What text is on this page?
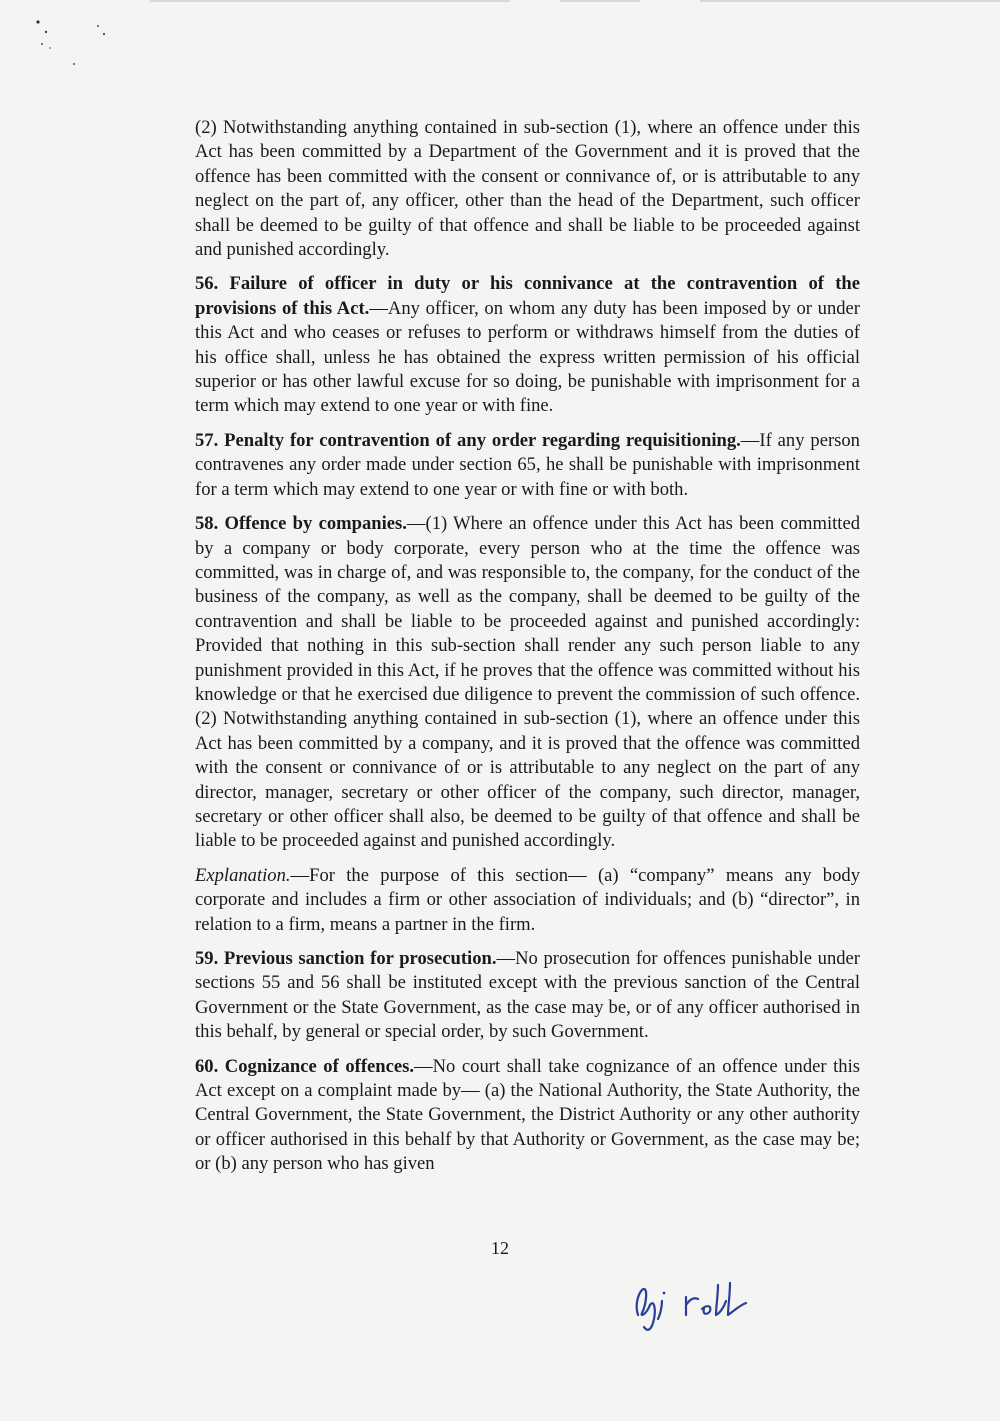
(2) Notwithstanding anything contained in sub-section (1), where an offence under this Act has been committed by a Department of the Government and it is proved that the offence has been committed with the consent or connivance of, or is attributable to any neglect on the part of, any officer, other than the head of the Department, such officer shall be deemed to be guilty of that offence and shall be liable to be proceeded against and punished accordingly.

56. Failure of officer in duty or his connivance at the contravention of the provisions of this Act.—Any officer, on whom any duty has been imposed by or under this Act and who ceases or refuses to perform or withdraws himself from the duties of his office shall, unless he has obtained the express written permission of his official superior or has other lawful excuse for so doing, be punishable with imprisonment for a term which may extend to one year or with fine.

57. Penalty for contravention of any order regarding requisitioning.—If any person contravenes any order made under section 65, he shall be punishable with imprisonment for a term which may extend to one year or with fine or with both.

58. Offence by companies.—(1) Where an offence under this Act has been committed by a company or body corporate, every person who at the time the offence was committed, was in charge of, and was responsible to, the company, for the conduct of the business of the company, as well as the company, shall be deemed to be guilty of the contravention and shall be liable to be proceeded against and punished accordingly: Provided that nothing in this sub-section shall render any such person liable to any punishment provided in this Act, if he proves that the offence was committed without his knowledge or that he exercised due diligence to prevent the commission of such offence. (2) Notwithstanding anything contained in sub-section (1), where an offence under this Act has been committed by a company, and it is proved that the offence was committed with the consent or connivance of or is attributable to any neglect on the part of any director, manager, secretary or other officer of the company, such director, manager, secretary or other officer shall also, be deemed to be guilty of that offence and shall be liable to be proceeded against and punished accordingly.

Explanation.—For the purpose of this section— (a) “company” means any body corporate and includes a firm or other association of individuals; and (b) “director”, in relation to a firm, means a partner in the firm.

59. Previous sanction for prosecution.—No prosecution for offences punishable under sections 55 and 56 shall be instituted except with the previous sanction of the Central Government or the State Government, as the case may be, or of any officer authorised in this behalf, by general or special order, by such Government.

60. Cognizance of offences.—No court shall take cognizance of an offence under this Act except on a complaint made by— (a) the National Authority, the State Authority, the Central Government, the State Government, the District Authority or any other authority or officer authorised in this behalf by that Authority or Government, as the case may be; or (b) any person who has given

12
